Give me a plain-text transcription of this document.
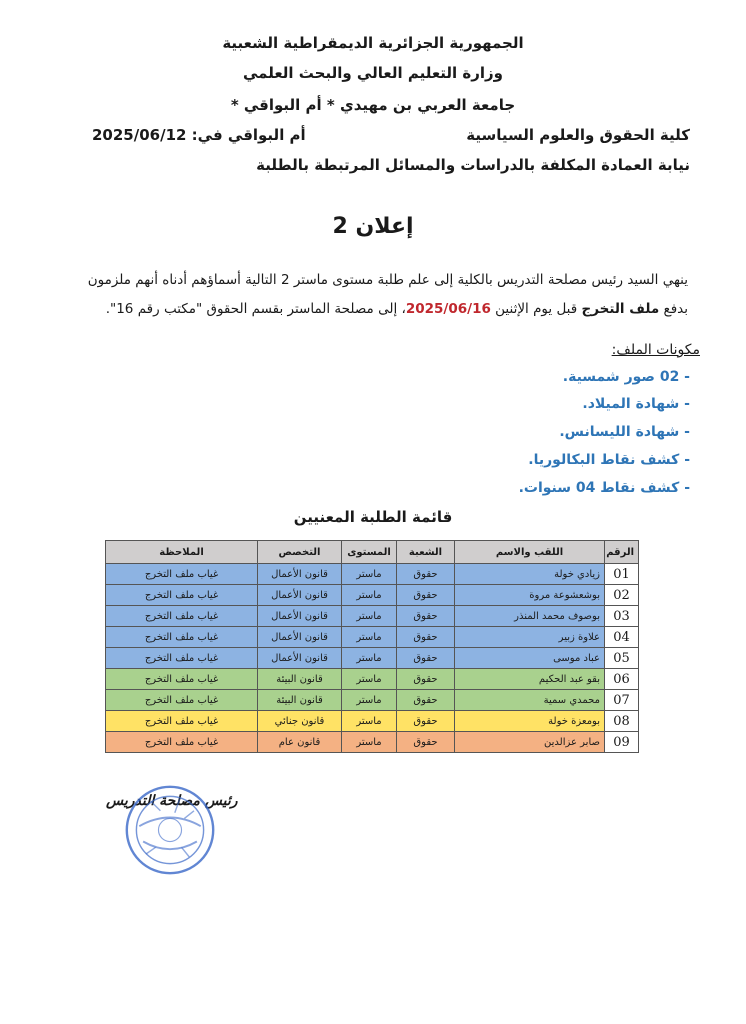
الجمهورية الجزائرية الديمقراطية الشعبية
وزارة التعليم العالي والبحث العلمي
جامعة العربي بن مهيدي * أم البواقي *
كلية الحقوق والعلوم السياسية
أم البواقي في: 2025/06/12
نيابة العمادة المكلفة بالدراسات والمسائل المرتبطة بالطلبة
إعلان 2
ينهي السيد رئيس مصلحة التدريس بالكلية إلى علم طلبة مستوى ماستر 2 التالية أسماؤهم أدناه أنهم ملزمون
بدفع ملف التخرج قبل يوم الإثنين 2025/06/16، إلى مصلحة الماستر بقسم الحقوق "مكتب رقم 16".
مكونات الملف:
- 02 صور شمسية.
- شهادة الميلاد.
- شهادة الليسانس.
- كشف نقاط البكالوريا.
- كشف نقاط 04 سنوات.
قائمة الطلبة المعنيين
الرقم	اللقب والاسم	الشعبة	المستوى	التخصص	الملاحظة
01	زيادي خولة	حقوق	ماستر	قانون الأعمال	غياب ملف التخرج
02	بوشعشوعة مروة	حقوق	ماستر	قانون الأعمال	غياب ملف التخرج
03	بوصوف محمد المنذر	حقوق	ماستر	قانون الأعمال	غياب ملف التخرج
04	علاوة زبير	حقوق	ماستر	قانون الأعمال	غياب ملف التخرج
05	عباد موسى	حقوق	ماستر	قانون الأعمال	غياب ملف التخرج
06	بقو عبد الحكيم	حقوق	ماستر	قانون البيئة	غياب ملف التخرج
07	محمدي سمية	حقوق	ماستر	قانون البيئة	غياب ملف التخرج
08	بومعزة خولة	حقوق	ماستر	قانون جنائي	غياب ملف التخرج
09	صابر عزالدين	حقوق	ماستر	قانون عام	غياب ملف التخرج
رئيس مصلحة التدريس
